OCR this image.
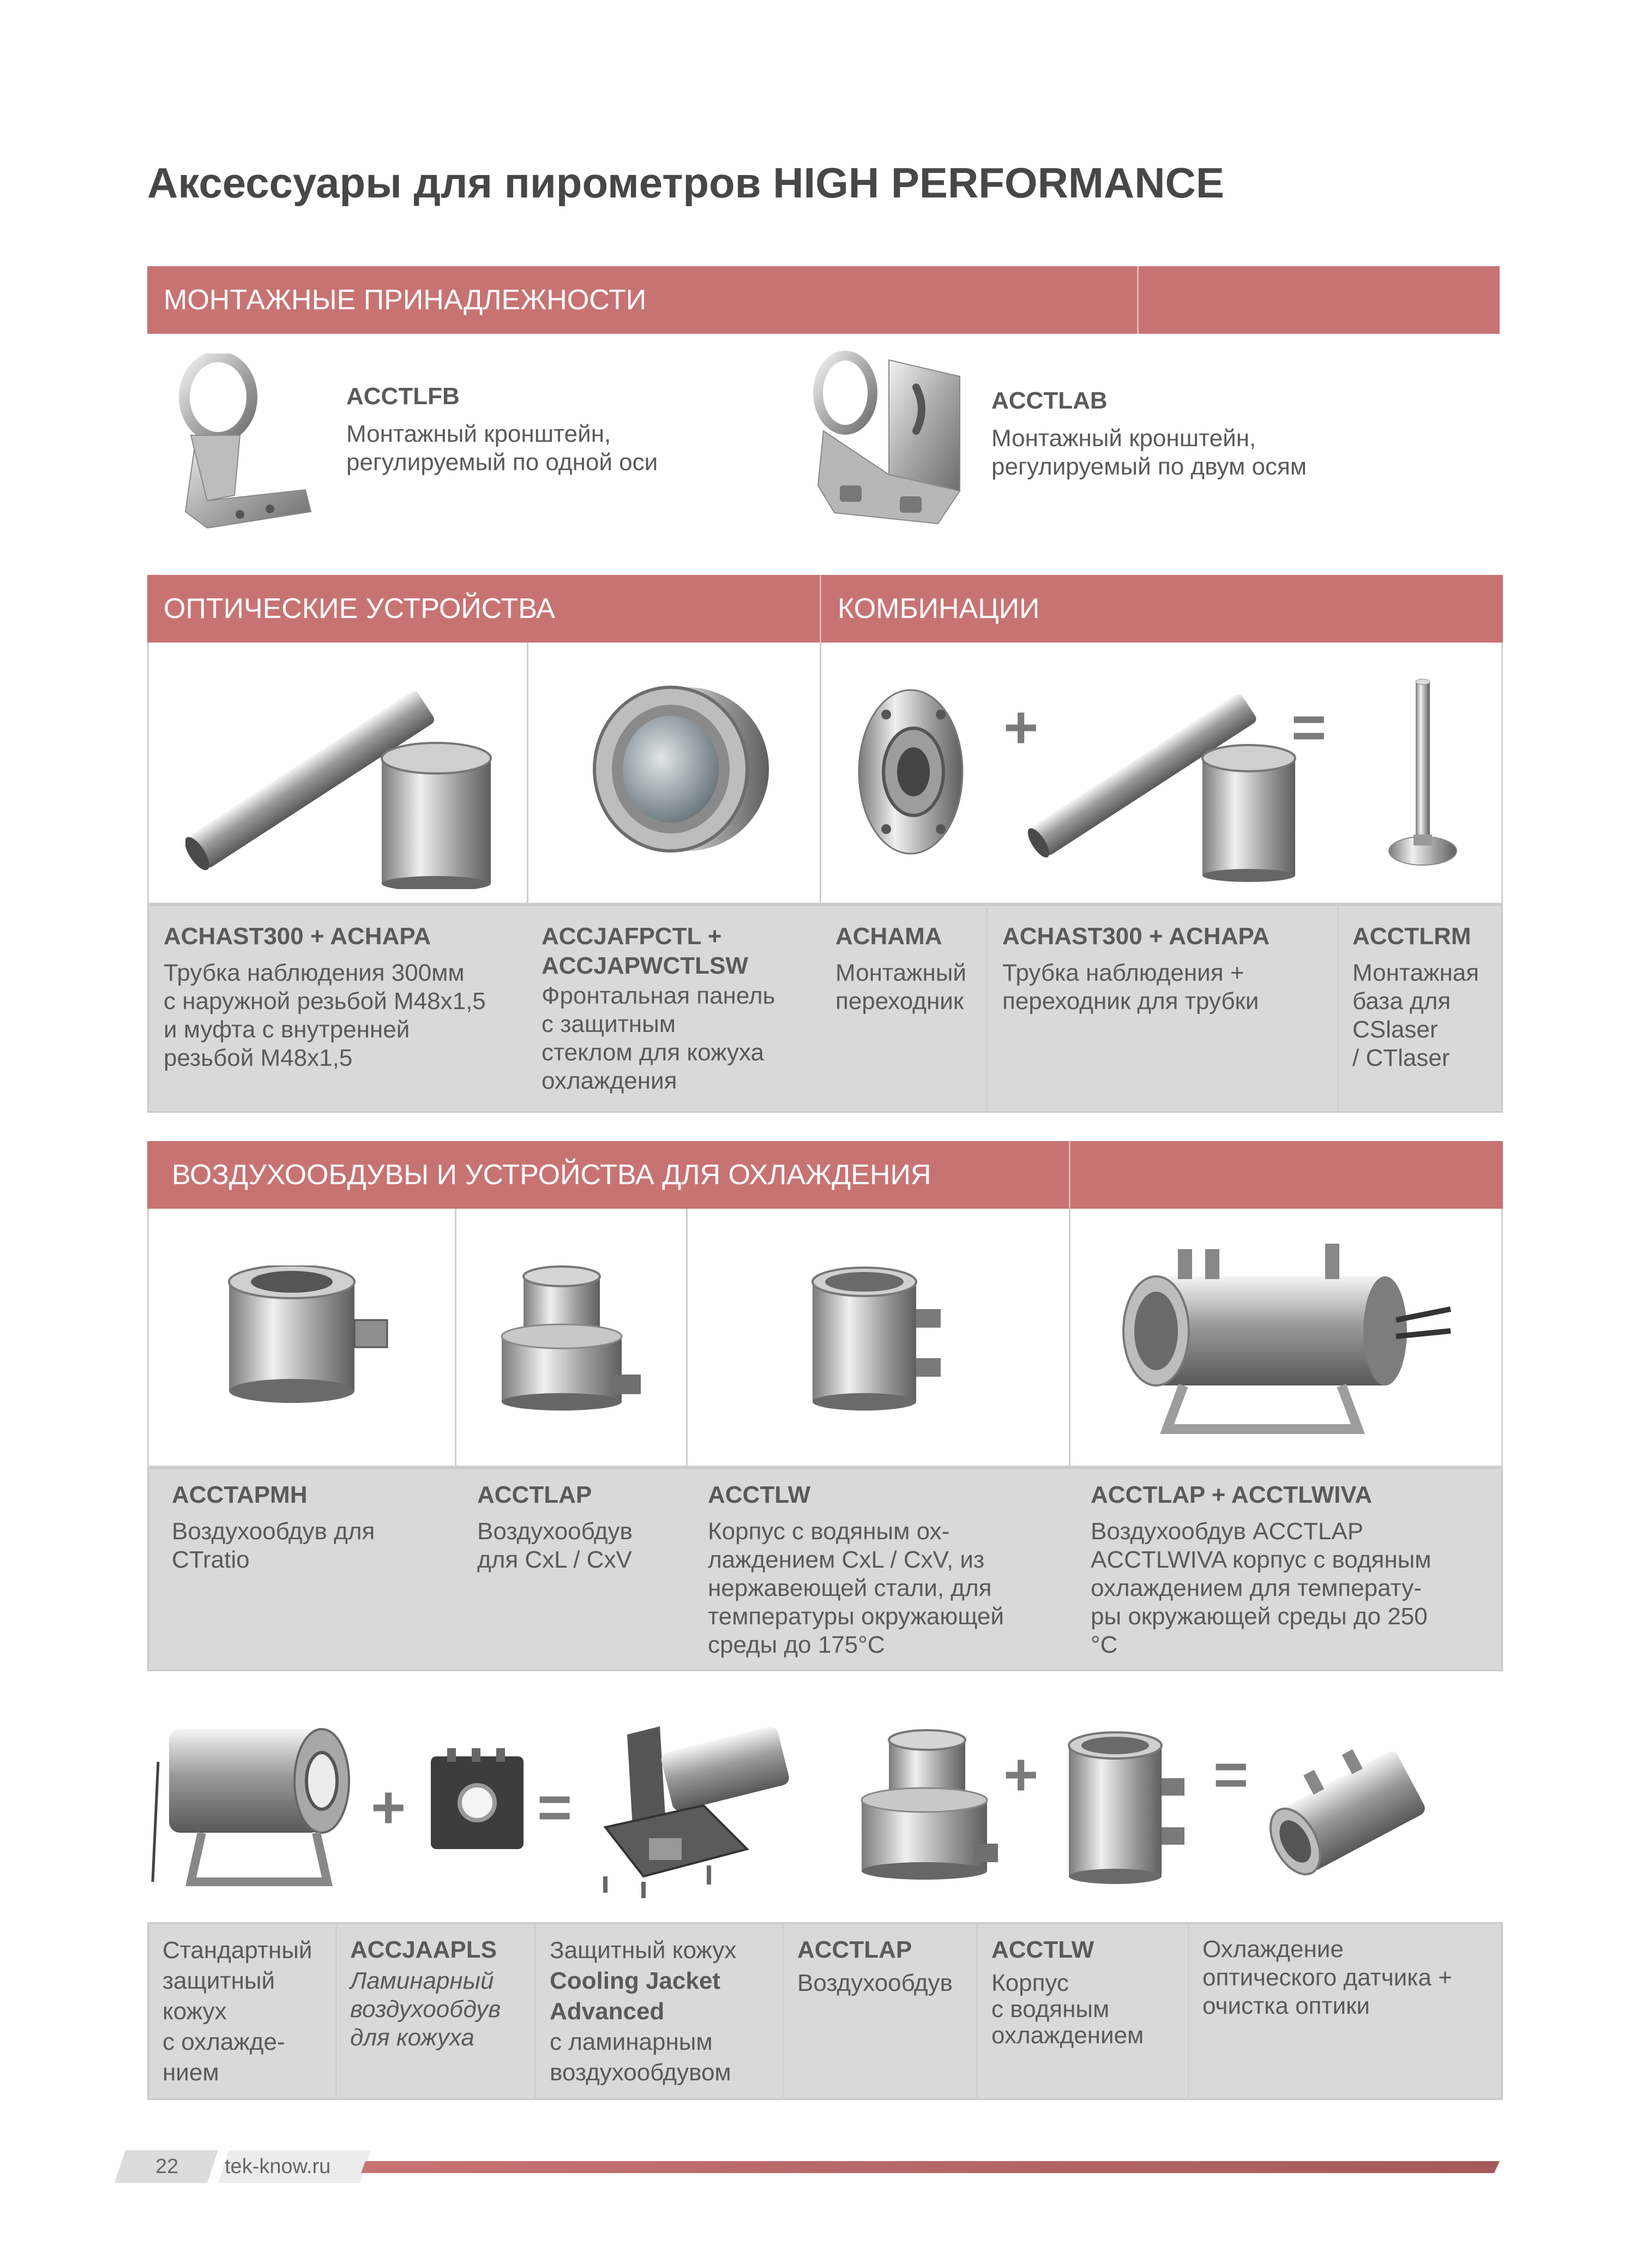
Аксессуары для пирометров HIGH PERFORMANCE
МОНТАЖНЫЕ ПРИНАДЛЕЖНОСТИ
ACCTLFB
Монтажный кронштейн,
регулируемый по одной оси
ACCTLAB
Монтажный кронштейн,
регулируемый по двум осям
ОПТИЧЕСКИЕ УСТРОЙСТВА	КОМБИНАЦИИ
+	=
ACHAST300 + ACHAPA
Трубка наблюдения 300мм
с наружной резьбой M48x1,5
и муфта с внутренней
резьбой M48x1,5
ACCJAFPCTL +
ACCJAPWCTLSW
Фронтальная панель
с защитным
стеклом для кожуха
охлаждения
ACHAMA
Монтажный
переходник
ACHAST300 + ACHAPA
Трубка наблюдения +
переходник для трубки
ACCTLRM
Монтажная
база для
CSlaser
/ CTlaser
ВОЗДУХООБДУВЫ И УСТРОЙСТВА ДЛЯ ОХЛАЖДЕНИЯ
ACCTAPMH
Воздухообдув для
CTratio
ACCTLAP
Воздухообдув
для CxL / CxV
ACCTLW
Корпус с водяным ох-
лаждением CxL / CxV, из
нержавеющей стали, для
температуры окружающей
среды до 175°C
ACCTLAP + ACCTLWIVA
Воздухообдув ACCTLAP
ACCTLWIVA корпус с водяным
охлаждением для температу-
ры окружающей среды до 250
°C
+ =	+	=
Стандартный
защитный
кожух
с охлажде-
нием
ACCJAAPLS
Ламинарный
воздухообдув
для кожуха
Защитный кожух
Cooling Jacket
Advanced
с ламинарным
воздухообдувом
ACCTLAP
Воздухообдув
ACCTLW
Корпус
с водяным
охлаждением
Охлаждение
оптического датчика +
очистка оптики
22 tek-know.ru
